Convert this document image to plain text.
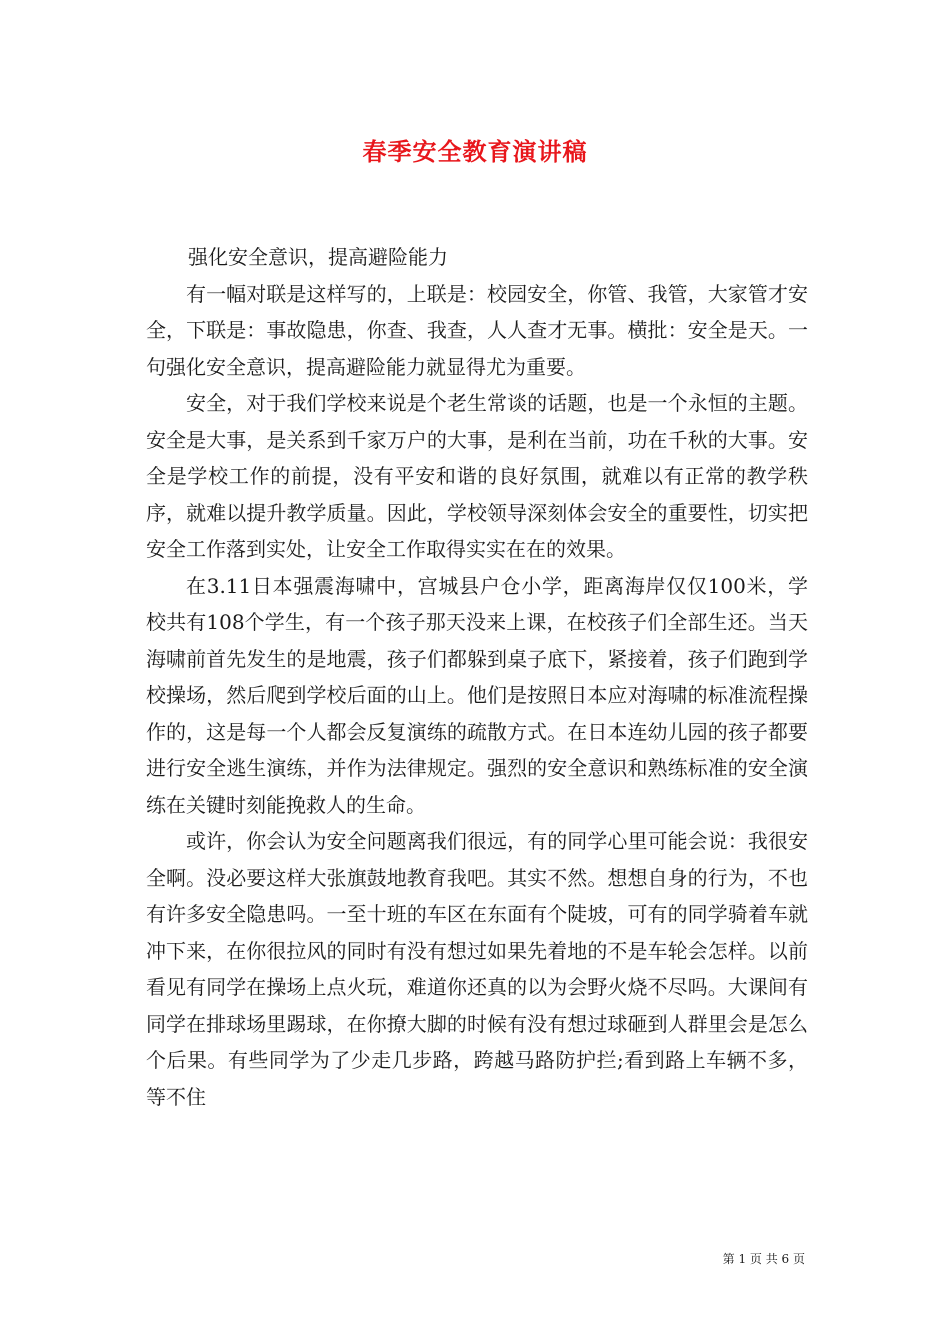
春季安全教育演讲稿

强化安全意识，提高避险能力

有一幅对联是这样写的，上联是：校园安全，你管、我管，大家管才安全，下联是：事故隐患，你查、我查，人人查才无事。横批：安全是天。一句强化安全意识，提高避险能力就显得尤为重要。

安全，对于我们学校来说是个老生常谈的话题，也是一个永恒的主题。安全是大事，是关系到千家万户的大事，是利在当前，功在千秋的大事。安全是学校工作的前提，没有平安和谐的良好氛围，就难以有正常的教学秩序，就难以提升教学质量。因此，学校领导深刻体会安全的重要性，切实把安全工作落到实处，让安全工作取得实实在在的效果。

在3.11日本强震海啸中，宫城县户仓小学，距离海岸仅仅100米，学校共有108个学生，有一个孩子那天没来上课，在校孩子们全部生还。当天海啸前首先发生的是地震，孩子们都躲到桌子底下，紧接着，孩子们跑到学校操场，然后爬到学校后面的山上。他们是按照日本应对海啸的标准流程操作的，这是每一个人都会反复演练的疏散方式。在日本连幼儿园的孩子都要进行安全逃生演练，并作为法律规定。强烈的安全意识和熟练标准的安全演练在关键时刻能挽救人的生命。

或许，你会认为安全问题离我们很远，有的同学心里可能会说：我很安全啊。没必要这样大张旗鼓地教育我吧。其实不然。想想自身的行为，不也有许多安全隐患吗。一至十班的车区在东面有个陡坡，可有的同学骑着车就冲下来，在你很拉风的同时有没有想过如果先着地的不是车轮会怎样。以前看见有同学在操场上点火玩，难道你还真的以为会野火烧不尽吗。大课间有同学在排球场里踢球，在你撩大脚的时候有没有想过球砸到人群里会是怎么个后果。有些同学为了少走几步路，跨越马路防护拦;看到路上车辆不多，等不住

第 1 页 共 6 页
